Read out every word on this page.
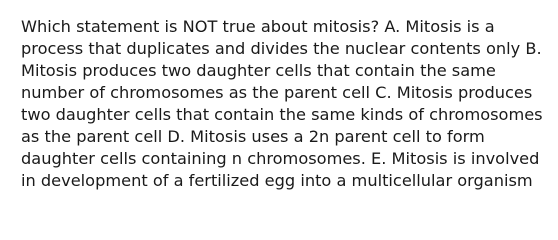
Which statement is NOT true about mitosis? A. Mitosis is a
process that duplicates and divides the nuclear contents only B.
Mitosis produces two daughter cells that contain the same
number of chromosomes as the parent cell C. Mitosis produces
two daughter cells that contain the same kinds of chromosomes
as the parent cell D. Mitosis uses a 2n parent cell to form
daughter cells containing n chromosomes. E. Mitosis is involved
in development of a fertilized egg into a multicellular organism
